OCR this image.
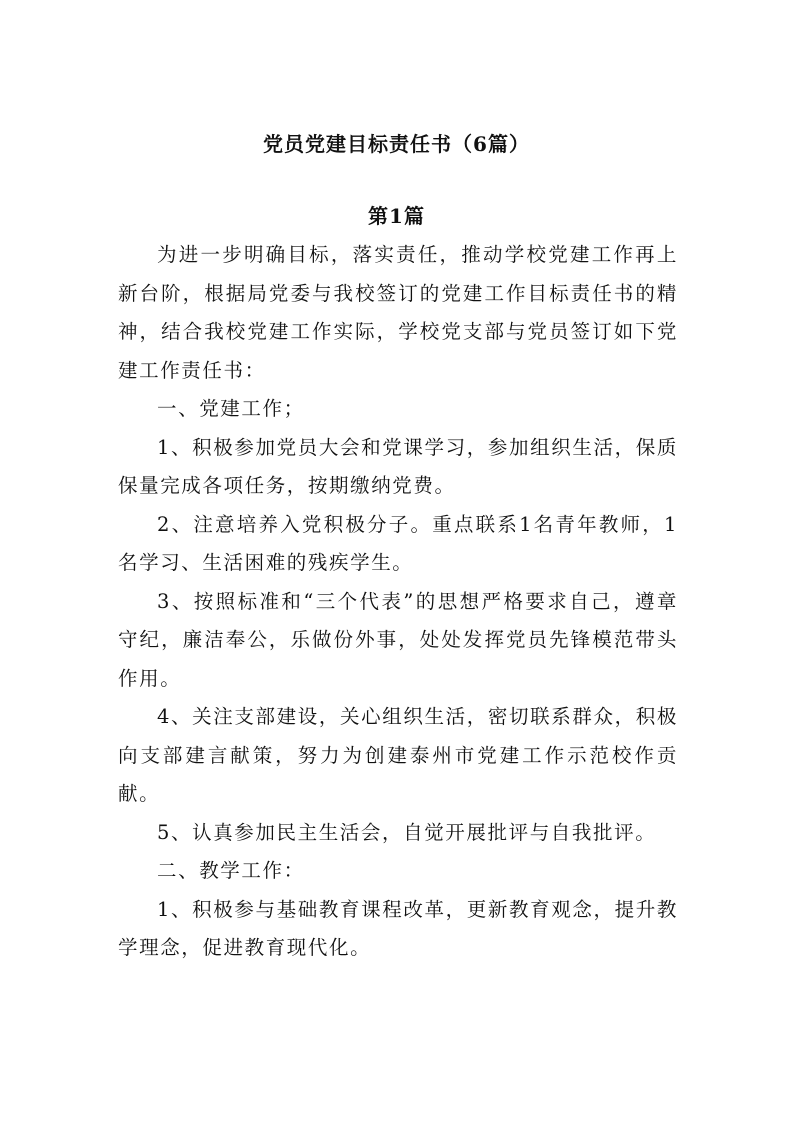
党员党建目标责任书（6篇）
第1篇

为进一步明确目标，落实责任，推动学校党建工作再上新台阶，根据局党委与我校签订的党建工作目标责任书的精神，结合我校党建工作实际，学校党支部与党员签订如下党建工作责任书：

一、党建工作；

1、积极参加党员大会和党课学习，参加组织生活，保质保量完成各项任务，按期缴纳党费。

2、注意培养入党积极分子。重点联系1名青年教师，1名学习、生活困难的残疾学生。

3、按照标准和“三个代表”的思想严格要求自己，遵章守纪，廉洁奉公，乐做份外事，处处发挥党员先锋模范带头作用。

4、关注支部建设，关心组织生活，密切联系群众，积极向支部建言献策，努力为创建泰州市党建工作示范校作贡献。

5、认真参加民主生活会，自觉开展批评与自我批评。

二、教学工作：

1、积极参与基础教育课程改革，更新教育观念，提升教学理念，促进教育现代化。
